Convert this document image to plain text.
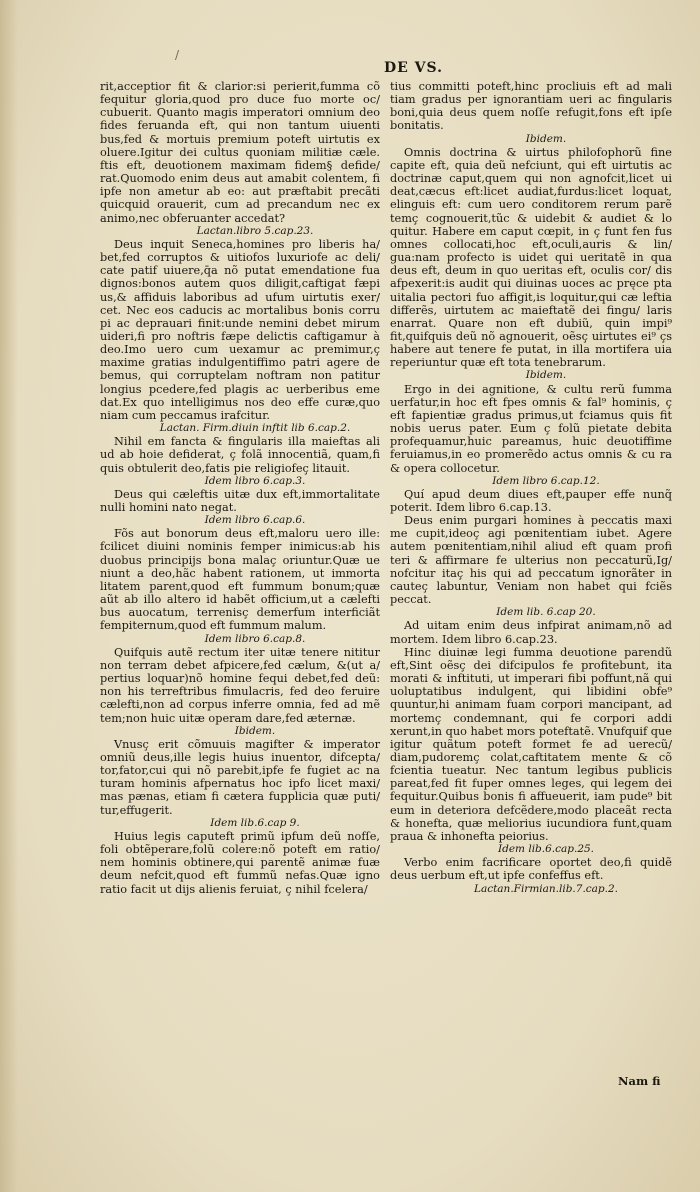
/
DE VS.

rit,acceptior fit & clarior:si perierit,fumma cõ fequitur gloria,quod pro duce fuo morte oc/ cubuerit. Quanto magis imperatori omnium deo fides feruanda eft, qui non tantum uiuenti bus,fed & mortuis premium poteft uirtutis ex oluere.Igitur dei cultus quoniam militiæ cæle. ftis eft, deuotionem maximam fidem§ defide/ rat.Quomodo enim deus aut amabit colentem, fi ipfe non ametur ab eo: aut præftabit precãti quicquid orauerit, cum ad precandum nec ex animo,nec obferuanter accedat?

Lactan.libro 5.cap.23.

Deus inquit Seneca,homines pro liberis ha/ bet,fed corruptos & uitiofos luxuriofe ac deli/ cate patif uiuere,q̄a nõ putat emendatione fua dignos:bonos autem quos diligit,caftigat fæpi us,& affiduis laboribus ad ufum uirtutis exer/ cet. Nec eos caducis ac mortalibus bonis corru pi ac deprauari finit:unde nemini debet mirum uideri,fi pro noftris fæpe delictis caftigamur à deo.Imo uero cum uexamur ac premimur,ç maxime gratias indulgentiffimo patri agere de bemus, qui corruptelam noftram non patitur longius pcedere,fed plagis ac uerberibus eme dat.Ex quo intelligimus nos deo effe curæ,quo niam cum peccamus irafcitur.

Lactan. Firm.diuin inftit lib 6.cap.2.

Nihil em fancta & fingularis illa maieftas ali ud ab hoie defiderat, ç folã innocentiã, quam,fi quis obtulerit deo,fatis pie religiofeç litauit.

Idem libro 6.cap.3.

Deus qui cæleftis uitæ dux eft,immortalitate nulli homini nato negat.

Idem libro 6.cap.6.

Fõs aut bonorum deus eft,maloru uero ille: fcilicet diuini nominis femper inimicus:ab his duobus principijs bona malaç oriuntur.Quæ ue niunt a deo,hãc habent rationem, ut immorta litatem parent,quod eft fummum bonum;quæ aũt ab illo altero id habẽt officium,ut a cælefti bus auocatum, terrenisç demerfum interficiãt fempiternum,quod eft fummum malum.

Idem libro 6.cap.8.

Quifquis autẽ rectum iter uitæ tenere nititur non terram debet afpicere,fed cælum, &(ut a/ pertius loquar)nõ homine fequi debet,fed deũ: non his terreftribus fimulacris, fed deo feruire cælefti,non ad corpus inferre omnia, fed ad mẽ tem;non huic uitæ operam dare,fed æternæ.

Ibidem.

Vnusç erit cõmuuis magifter & imperator omniũ deus,ille legis huius inuentor, difcepta/ tor,fator,cui qui nõ parebit,ipfe fe fugiet ac na turam hominis afpernatus hoc ipfo licet maxi/ mas pænas, etiam fi cætera fupplicia quæ puti/ tur,effugerit.

Idem lib.6.cap 9.

Huius legis caputeft primũ ipfum deũ nofſe, foli obtẽperare,folũ colere:nõ poteft em ratio/ nem hominis obtinere,qui parentẽ animæ fuæ deum nefcit,quod eft fummũ nefas.Quæ igno ratio facit ut dijs alienis feruiat, ç nihil fcelera/

tius committi poteft,hinc procliuis eft ad mali tiam gradus per ignorantiam ueri ac fingularis boni,quia deus quem noſſe refugit,fons eft ipſe bonitatis.

Ibidem.

Omnis doctrina & uirtus philofophorũ fine capite eft, quia deũ nefciunt, qui eft uirtutis ac doctrinæ caput,quem qui non agnofcit,licet ui deat,cæcus eft:licet audiat,furdus:licet loquat, elinguis eft: cum uero conditorem rerum parẽ temç cognouerit,tũc & uidebit & audiet & lo quitur. Habere em caput cœpit, in ç funt fen fus omnes collocati,hoc eft,oculi,auris & lin/ gua:nam profecto is uidet qui ueritatẽ in qua deus eft, deum in quo ueritas eft, oculis cor/ dis afpexerit:is audit qui diuinas uoces ac pręce pta uitalia pectori fuo affigit,is loquitur,qui cæ leftia differẽs, uirtutem ac maieftatẽ dei fingu/ laris enarrat. Quare non eft dubiũ, quin impi⁹ fit,quifquis deũ nõ agnouerit, oẽsç uirtutes ei⁹ çs habere aut tenere fe putat, in illa mortifera uia reperiuntur quæ eft tota tenebrarum.

Ibidem.

Ergo in dei agnitione, & cultu rerũ fumma uerfatur,in hoc eft fpes omnis & fal⁹ hominis, ç eft fapientiæ gradus primus,ut fciamus quis fit nobis uerus pater. Eum ç folũ pietate debita profequamur,huic pareamus, huic deuotiffime feruiamus,in eo promerẽdo actus omnis & cu ra & opera collocetur.

Idem libro 6.cap.12.

Quí apud deum diues eft,pauper effe nunq̃ poterit. Idem libro 6.cap.13.

Deus enim purgari homines à peccatis maxi me cupit,ideoç agi pœnitentiam iubet. Agere autem pœnitentiam,nihil aliud eft quam profi teri & affirmare fe ulterius non peccaturũ,Ig/ nofcitur itaç his qui ad peccatum ignorãter in cauteç labuntur, Veniam non habet qui fciẽs peccat.

Idem lib. 6.cap 20.

Ad uitam enim deus infpirat animam,nõ ad mortem. Idem libro 6.cap.23.

Hinc diuinæ legi fumma deuotione parendũ eft,Sint oẽsç dei difcipulos fe profitebunt, ita morati & inftituti, ut imperari fibi poffunt,nã qui uoluptatibus indulgent, qui libidini obfe⁹ quuntur,hi animam fuam corpori mancipant, ad mortemç condemnant, qui fe corpori addi xerunt,in quo habet mors poteftatẽ. Vnufquif que igitur quãtum poteft formet fe ad uerecũ/ diam,pudoremç colat,caftitatem mente & cõ fcientia tueatur. Nec tantum legibus publicis pareat,fed fit fuper omnes leges, qui legem dei fequitur.Quibus bonis fi affueuerit, iam pude⁹ bit eum in deteriora defcẽdere,modo placeãt recta & honefta, quæ meliorius iucundiora funt,quam praua & inhonefta peiorius.

Idem lib.6.cap.25.

Verbo enim facrificare oportet deo,fi quidẽ deus uerbum eft,ut ipfe confeffus eft.

Lactan.Firmian.lib.7.cap.2.

Nam fi
